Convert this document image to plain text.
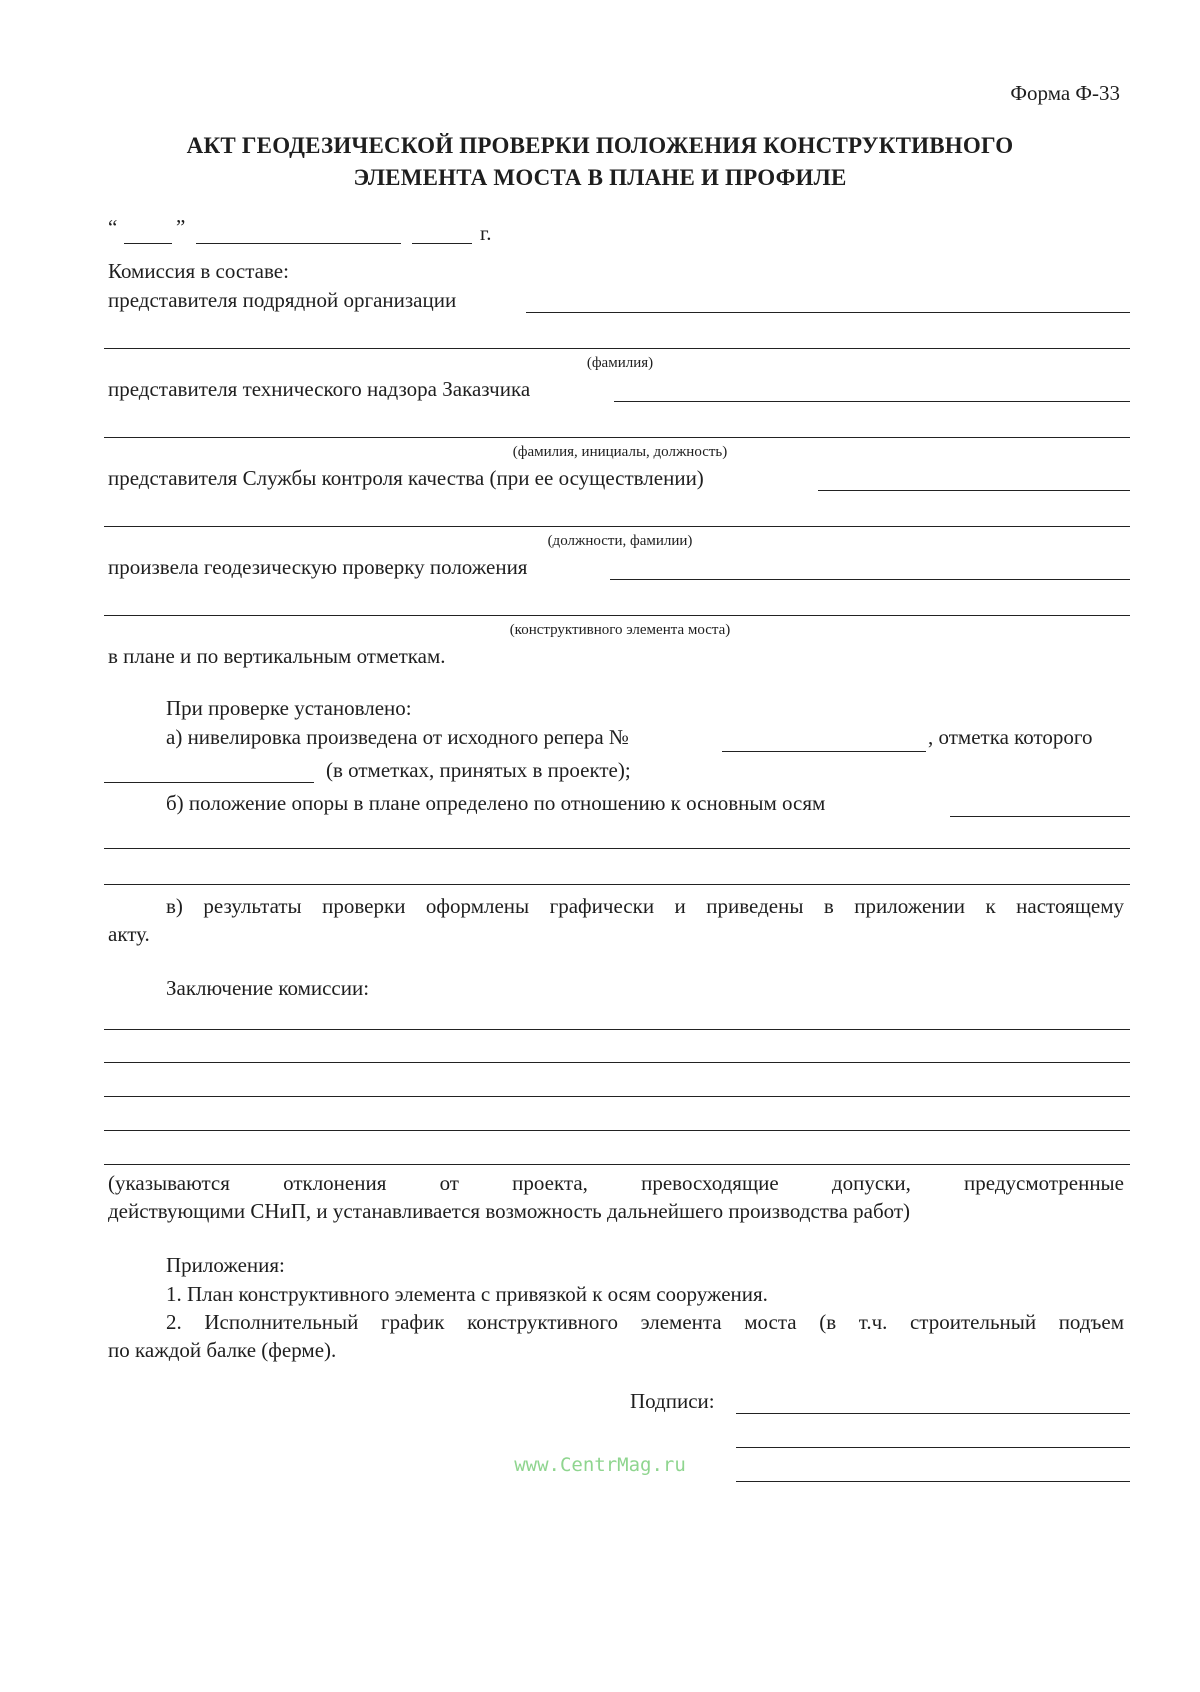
Форма Ф-33
АКТ ГЕОДЕЗИЧЕСКОЙ ПРОВЕРКИ ПОЛОЖЕНИЯ КОНСТРУКТИВНОГО
ЭЛЕМЕНТА МОСТА В ПЛАНЕ И ПРОФИЛЕ
“	”	г.
Комиссия в составе:
представителя подрядной организации
(фамилия)
представителя технического надзора Заказчика
(фамилия, инициалы, должность)
представителя Службы контроля качества (при ее осуществлении)
(должности, фамилии)
произвела геодезическую проверку положения
(конструктивного элемента моста)
в плане и по вертикальным отметкам.
При проверке установлено:
а) нивелировка произведена от исходного репера №	, отметка которого
(в отметках, принятых в проекте);
б) положение опоры в плане определено по отношению к основным осям
в) результаты проверки оформлены графически и приведены в приложении к настоящему
акту.
Заключение комиссии:
(указываются отклонения от проекта, превосходящие допуски, предусмотренные
действующими СНиП, и устанавливается возможность дальнейшего производства работ)
Приложения:
1. План конструктивного элемента с привязкой к осям сооружения.
2. Исполнительный график конструктивного элемента моста (в т.ч. строительный подъем
по каждой балке (ферме).
Подписи:
www.CentrMag.ru
